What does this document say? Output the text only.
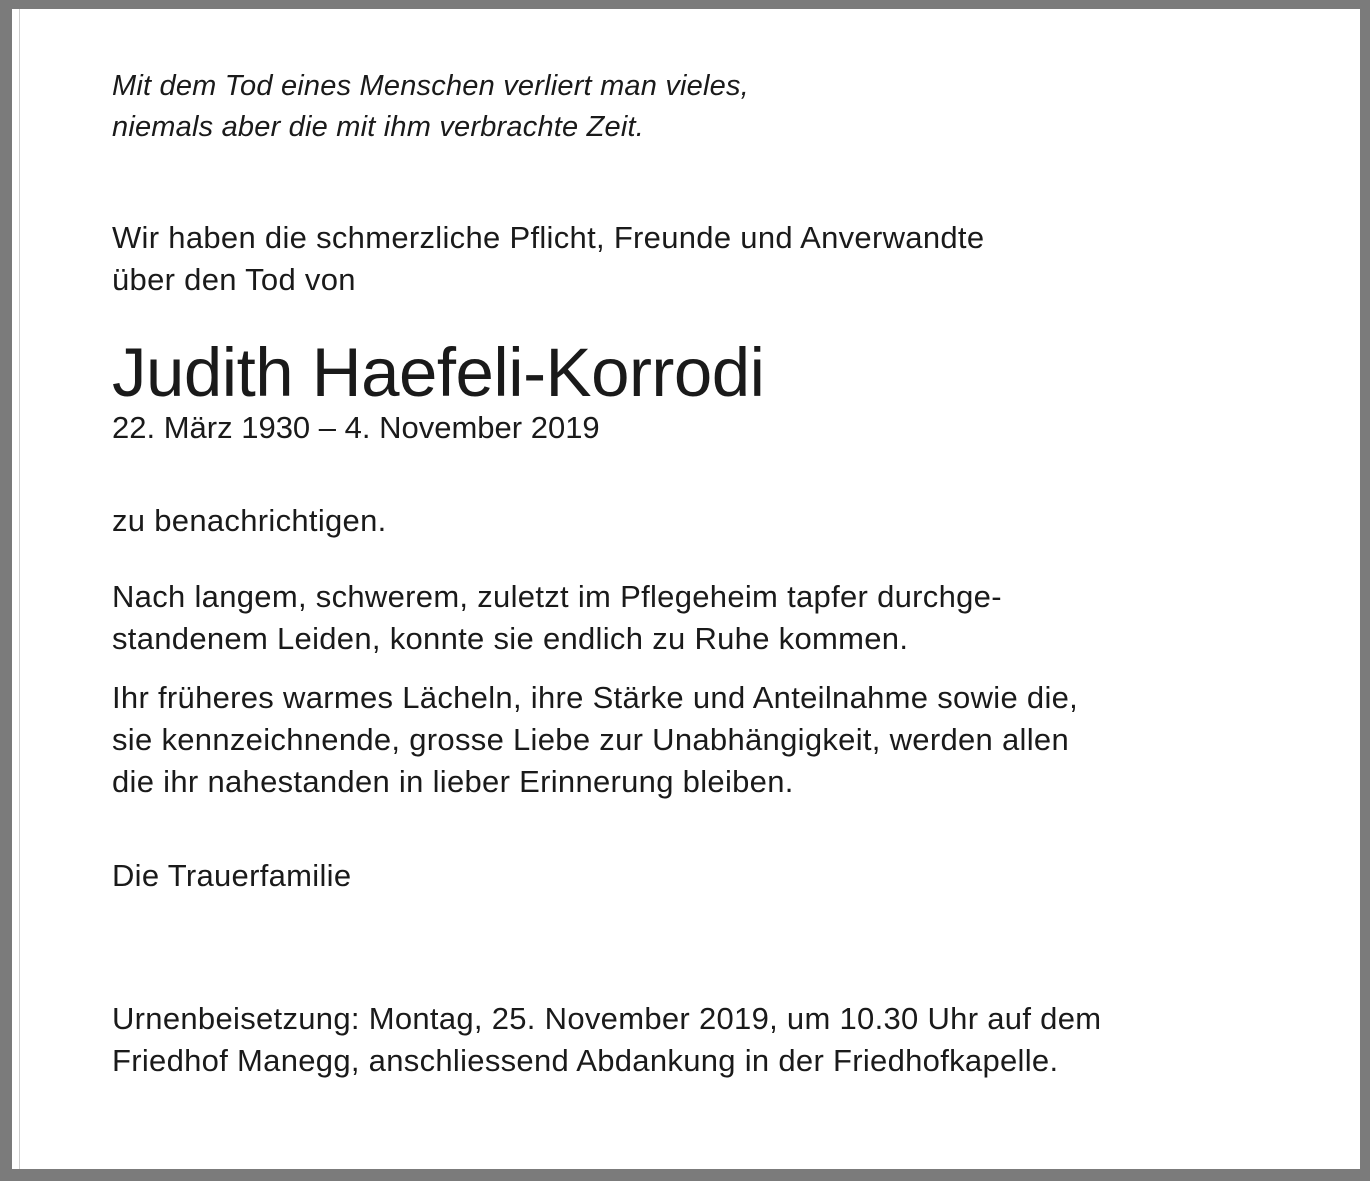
Mit dem Tod eines Menschen verliert man vieles,
niemals aber die mit ihm verbrachte Zeit.

Wir haben die schmerzliche Pflicht, Freunde und Anverwandte
über den Tod von

Judith Haefeli-Korrodi

22. März 1930 – 4. November 2019

zu benachrichtigen.

Nach langem, schwerem, zuletzt im Pflegeheim tapfer durchge-
standenem Leiden, konnte sie endlich zu Ruhe kommen.

Ihr früheres warmes Lächeln, ihre Stärke und Anteilnahme sowie die,
sie kennzeichnende, grosse Liebe zur Unabhängigkeit, werden allen
die ihr nahestanden in lieber Erinnerung bleiben.

Die Trauerfamilie

Urnenbeisetzung: Montag, 25. November 2019, um 10.30 Uhr auf dem
Friedhof Manegg, anschliessend Abdankung in der Friedhofkapelle.
